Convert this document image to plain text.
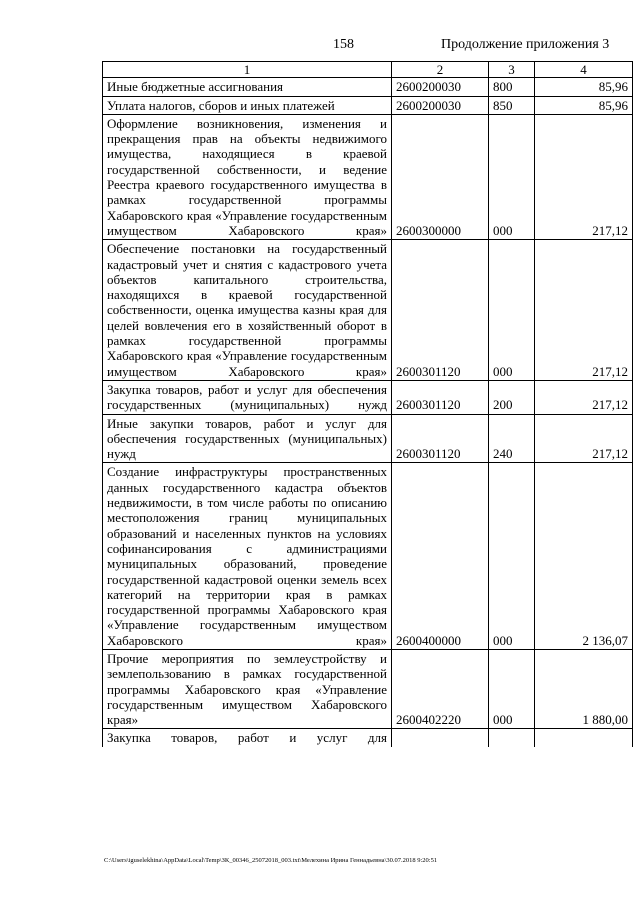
158	Продолжение приложения 3
1	2	3	4
Иные бюджетные ассигнования	2600200030	800	85,96
Уплата налогов, сборов и иных платежей	2600200030	850	85,96
Оформление возникновения, изменения и прекращения прав на объекты недвижимого имущества, находящиеся в краевой государственной собственности, и ведение Реестра краевого государственного имущества в рамках государственной программы Хабаровского края «Управление государственным имуществом Хабаровского края»	2600300000	000	217,12
Обеспечение постановки на государственный кадастровый учет и снятия с кадастрового учета объектов капитального строительства, находящихся в краевой государственной собственности, оценка имущества казны края для целей вовлечения его в хозяйственный оборот в рамках государственной программы Хабаровского края «Управление государственным имуществом Хабаровского края»	2600301120	000	217,12
Закупка товаров, работ и услуг для обеспечения государственных (муниципальных) нужд	2600301120	200	217,12
Иные закупки товаров, работ и услуг для обеспечения государственных (муниципальных) нужд	2600301120	240	217,12
Создание инфраструктуры пространственных данных государственного кадастра объектов недвижимости, в том числе работы по описанию местоположения границ муниципальных образований и населенных пунктов на условиях софинансирования с администрациями муниципальных образований, проведение государственной кадастровой оценки земель всех категорий на территории края в рамках государственной программы Хабаровского края «Управление государственным имуществом Хабаровского края»	2600400000	000	2 136,07
Прочие мероприятия по землеустройству и землепользованию в рамках государственной программы Хабаровского края «Управление государственным имуществом Хабаровского края»	2600402220	000	1 880,00
Закупка товаров, работ и услуг для			
C:\Users\iguselekhina\AppData\Local\Temp\ЗК_00346_25072018_003.txt\Мелехина Ирина Геннадьевна\30.07.2018 9:20:51
